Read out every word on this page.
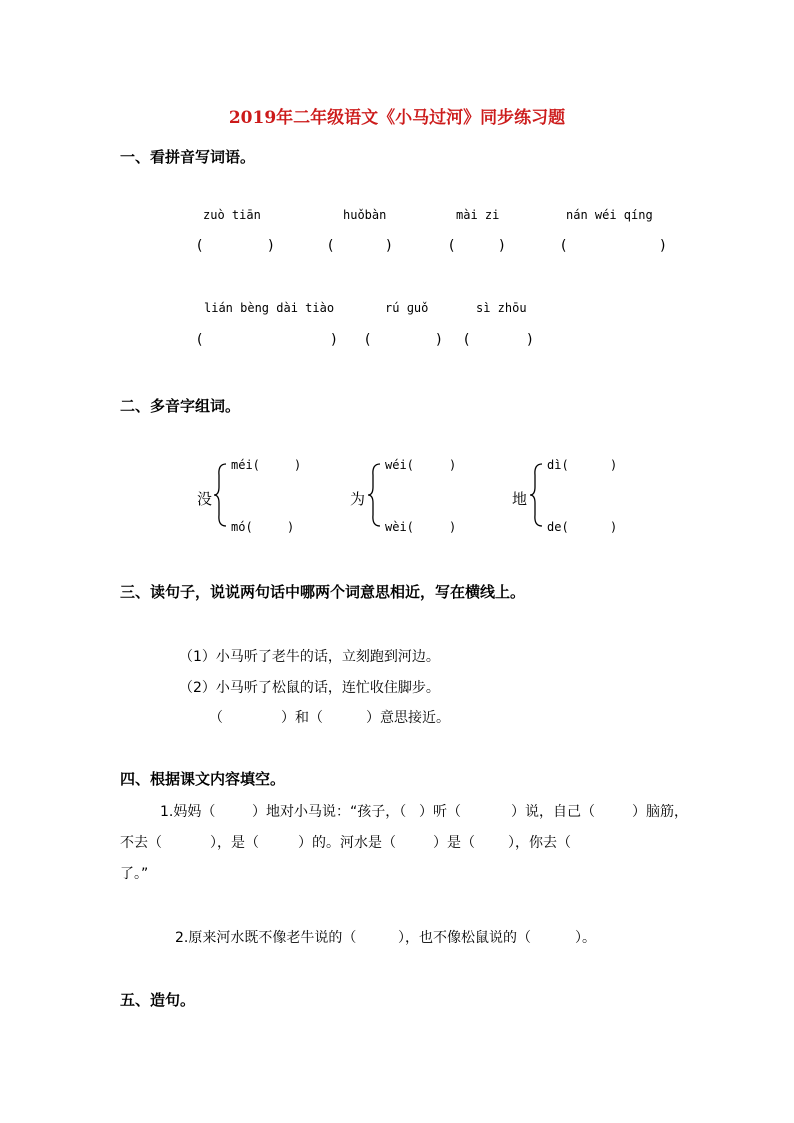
2019年二年级语文《小马过河》同步练习题
一、看拼音写词语。
zuò tiān	huǒbàn	mài zi	nán wéi qíng
(	)	(	)	(	)	(	)
lián bèng dài tiào	rú ɡuǒ	sì zhōu
(	) (	) (	)
二、多音字组词。
没
méi(	)
mó(	)
为
wéi(	)
wèi(	)
地
dì(	)
de(	)
三、读句子，说说两句话中哪两个词意思相近，写在横线上。
（1）小马听了老牛的话，立刻跑到河边。
（2）小马听了松鼠的话，连忙收住脚步。
（	）和（	）意思接近。
四、根据课文内容填空。
1.妈妈（	）地对小马说：“孩子，（ ）听（	）说，自己（	）脑筋，
不去（	），是（	）的。河水是（	）是（ ），你去（
了。”
2.原来河水既不像老牛说的（	），也不像松鼠说的（	）。
五、造句。
